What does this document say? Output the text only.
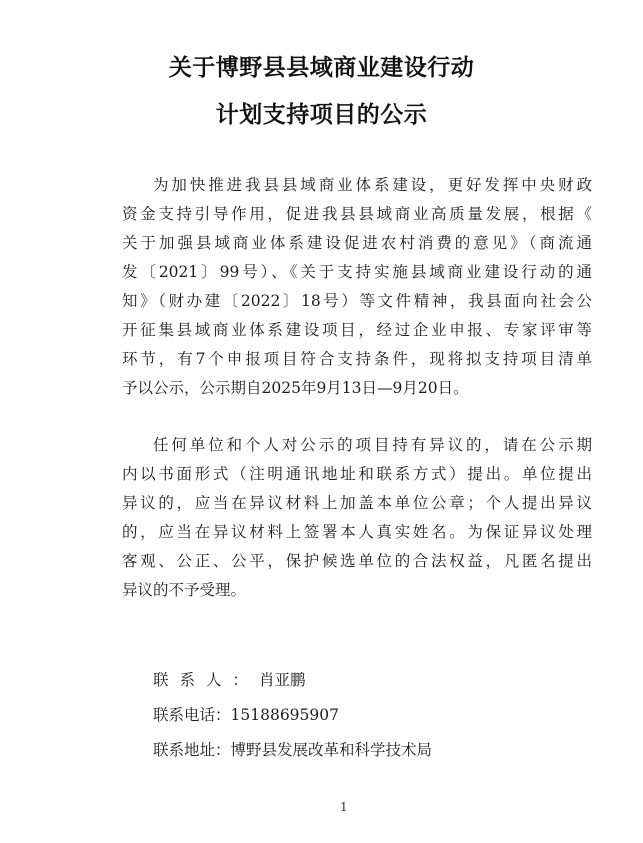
关于博野县县域商业建设行动
计划支持项目的公示
为加快推进我县县域商业体系建设，更好发挥中央财政
资金支持引导作用，促进我县县域商业高质量发展，根据《
关于加强县域商业体系建设促进农村消费的意见》（商流通
发〔2021〕99号）、《关于支持实施县域商业建设行动的通
知》（财办建〔2022〕18号）等文件精神，我县面向社会公
开征集县域商业体系建设项目，经过企业申报、专家评审等
环节，有7个申报项目符合支持条件，现将拟支持项目清单
予以公示，公示期自2025年9月13日—9月20日。
任何单位和个人对公示的项目持有异议的，请在公示期
内以书面形式（注明通讯地址和联系方式）提出。单位提出
异议的，应当在异议材料上加盖本单位公章；个人提出异议
的，应当在异议材料上签署本人真实姓名。为保证异议处理
客观、公正、公平，保护候选单位的合法权益，凡匿名提出
异议的不予受理。
联系人：肖亚鹏
联系电话：15188695907
联系地址：博野县发展改革和科学技术局
1
